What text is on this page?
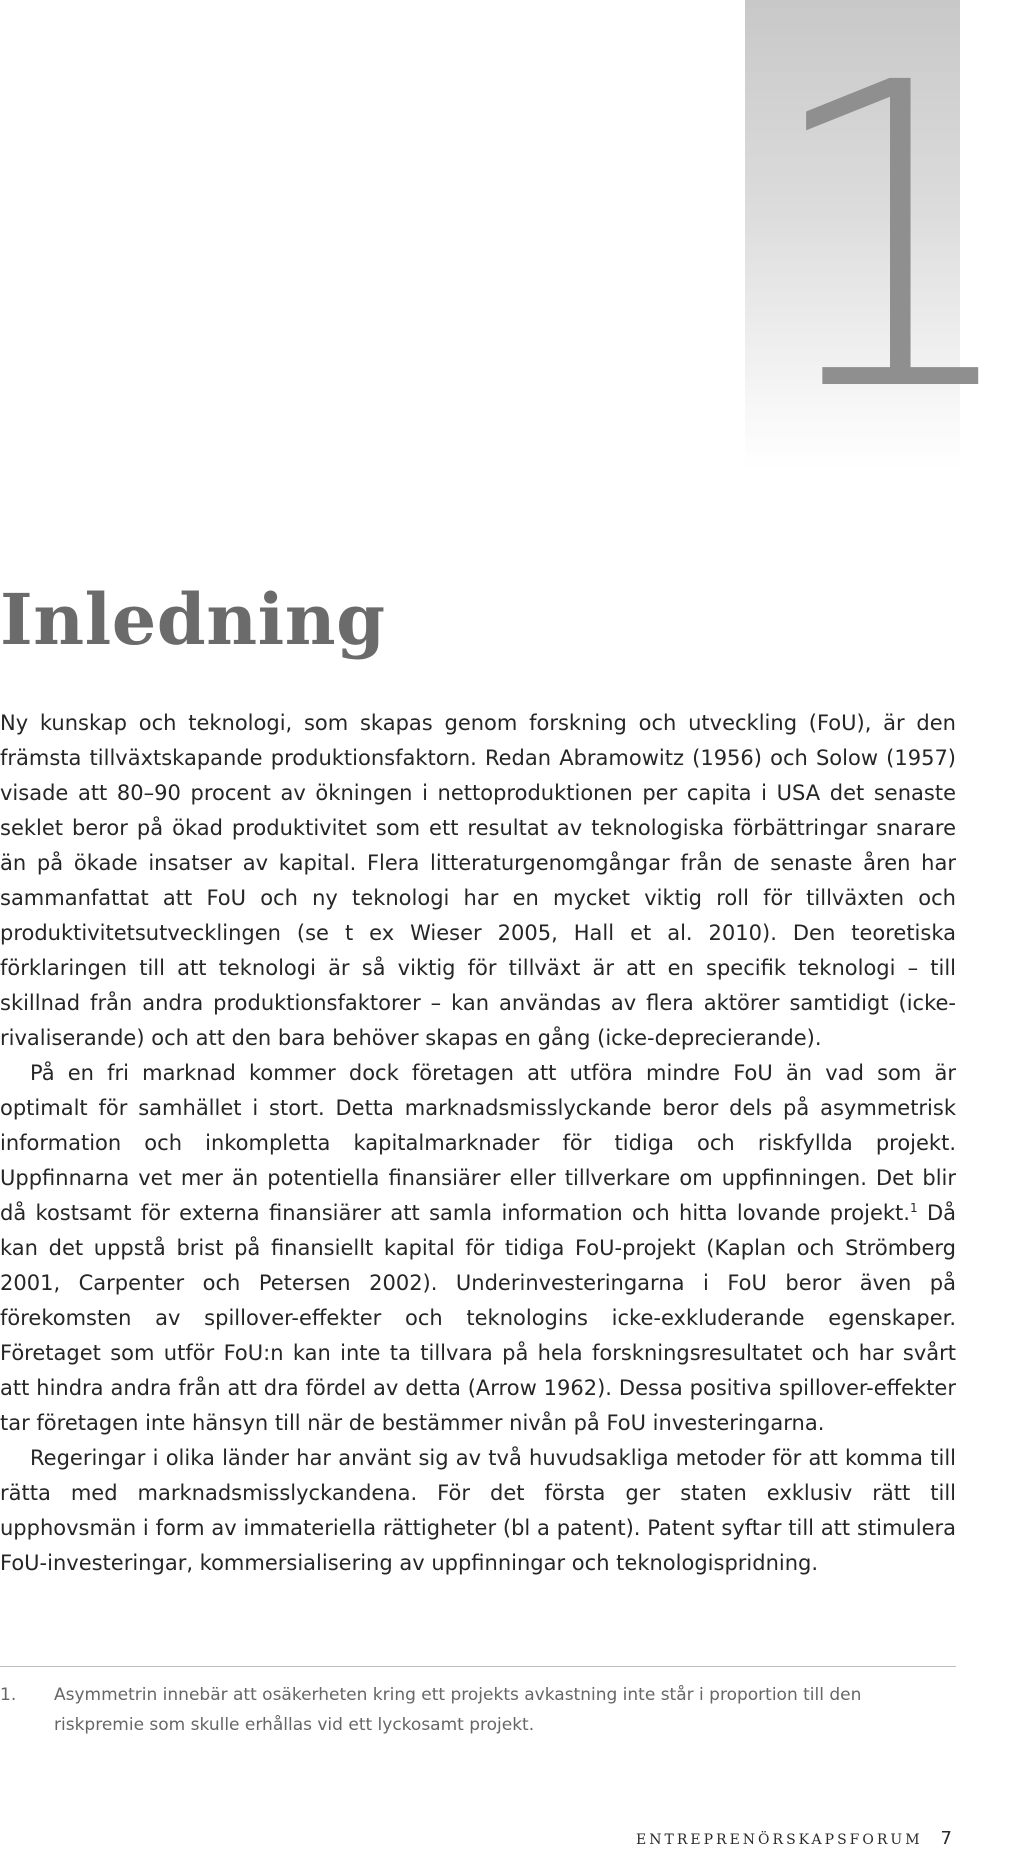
1
Inledning

Ny kunskap och teknologi, som skapas genom forskning och utveckling (FoU), är den främsta tillväxtskapande produktionsfaktorn. Redan Abramowitz (1956) och Solow (1957) visade att 80–90 procent av ökningen i nettoproduktionen per capita i USA det senaste seklet beror på ökad produktivitet som ett resultat av teknologiska förbättringar snarare än på ökade insatser av kapital. Flera litteraturgenomgångar från de senaste åren har sammanfattat att FoU och ny teknologi har en mycket viktig roll för tillväxten och produktivitetsutvecklingen (se t ex Wieser 2005, Hall et al. 2010). Den teoretiska förklaringen till att teknologi är så viktig för tillväxt är att en specifik teknologi – till skillnad från andra produktionsfaktorer – kan användas av flera aktörer samtidigt (icke-rivaliserande) och att den bara behöver skapas en gång (icke-deprecierande).

På en fri marknad kommer dock företagen att utföra mindre FoU än vad som är optimalt för samhället i stort. Detta marknadsmisslyckande beror dels på asymmetrisk information och inkompletta kapitalmarknader för tidiga och riskfyllda projekt. Uppfinnarna vet mer än potentiella finansiärer eller tillverkare om uppfinningen. Det blir då kostsamt för externa finansiärer att samla information och hitta lovande projekt.$^1$ Då kan det uppstå brist på finansiellt kapital för tidiga FoU-projekt (Kaplan och Strömberg 2001, Carpenter och Petersen 2002). Underinvesteringarna i FoU beror även på förekomsten av spillover-effekter och teknologins icke-exkluderande egenskaper. Företaget som utför FoU:n kan inte ta tillvara på hela forskningsresultatet och har svårt att hindra andra från att dra fördel av detta (Arrow 1962). Dessa positiva spillover-effekter tar företagen inte hänsyn till när de bestämmer nivån på FoU investeringarna.

Regeringar i olika länder har använt sig av två huvudsakliga metoder för att komma till rätta med marknadsmisslyckandena. För det första ger staten exklusiv rätt till upphovsmän i form av immateriella rättigheter (bl a patent). Patent syftar till att stimulera FoU-investeringar, kommersialisering av uppfinningar och teknologispridning.

1. Asymmetrin innebär att osäkerheten kring ett projekts avkastning inte står i proportion till den riskpremie som skulle erhållas vid ett lyckosamt projekt.

ENTREPRENÖRSKAPSFORUM 7
